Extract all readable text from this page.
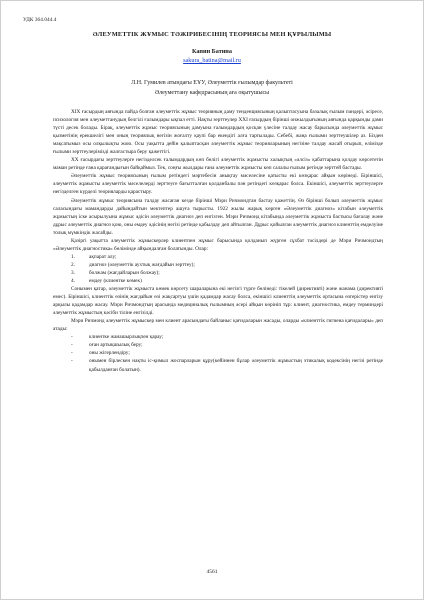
УДК 364.044.4
ӘЛЕУМЕТТІК ЖҰМЫС ТӘЖІРИБЕСІНІҢ ТЕОРИЯСЫ МЕН ҚҰРЫЛЫМЫ
Капин Батина
sakura_batina@mail.ru
Л.Н. Гумилев атындағы ЕҰУ, Әлеуметтік ғылымдар факультеті
Әлеуметтану кафедрасының аға оқытушысы

ХІХ ғасырдың аяғында пайда болған әлеуметтік жұмыс теорияның даму тенденциясының қалыптасуына базалық ғылым пәндері, әсіресе, психология мен әлеуметтанудың белгілі ғалымдары ықпал етті. Нақты зерттеулер ХХІ ғасырдың бірінші онжылдығының аяғында қарқынды дами түсті десек болады. Бірақ, әлеуметтік жұмыс теориясының дамуына ғалымдардың қосқан үлесіне талдау жасау барысында әлеуметтік жұмыс қызметінің ерекшелігі мен оның теориялық негізін жоғалту қаупі бар екендігі алға тартылады. Себебі, жаңа ғылыми зерттеушілер аз. Бізден мақсатымыз осы олқылықты жою. Осы уақытта дейін қалыптасқан әлеуметтік жұмыс теорияларының негізіне талдау жасай отырып, елімізде ғылыми зерттеулерімізді жалғастыра беру қажеттігі.

ХХ ғасырдағы зерттеулерге негізделсек ғалымдардың көп бөлігі әлеуметтік жұмысты халықтың «әлсіз» қабаттарына қолдау көрсететін маман ретінде ғана қарағандығын байқаймыз. Тек, соңғы жылдары ғана әлеуметтік жұмысты көп салалы ғылым ретінде зерттей бастады.

Әлеуметтік жұмыс теориясының ғылым ретіндегі мәртебесін анықтау мәселесіне қатысты екі көзқарас айқын көрінеді. Біріншісі, әлеуметтік жұмысты әлеуметтік мәселелерді зерттеуге бағытталған қолданбалы пән ретіндегі көзқарас болса. Екіншісі, әлеуметтік зерттеулерге негізделген күрделі теорияларды қарастыру.

Әлеуметтік жұмыс теориясына талдау жасаған кезде бірінші Мэри Ричмондтан бастау қажеттің. Өз бірінші болып әлеуметтік жұмыс саласындағы мамандарды дайындайтын мектептер ашуға тырысты. 1922 жылы жарық көрген «Әлеуметтік диагноз» кітабын әлеуметтік жұмыстың іске асырылуына жұмыс әдісін әлеуметтік диагноз деп енгізген. Мэри Ричмонд кітабында әлеуметтік жұмыста бастысы бағалау және дұрыс әлеуметтік диагноз қою, оны емдеу әдісінің негізі ретінде қабылдау деп айтылған. Дұрыс қойылған әлеуметтік диагноз клиенттің емделуіне толық мүмкіндік жасайды.

Қазіргі уақытта әлеуметтік жұмыскерлер клиентпен жұмыс барысында қолданып жүрген сұхбат тәсілдері де Мэри Ричмондтың «Әлеуметтік диагностика» бөлімінде айқындалған болатынды. Олар:

1.	ақпарат алу;
2.	диагноз (әлеуметтік аухтық жағдайын зерттеу);
3.	болжам (жағдайларын болжау);
4.	емдеу (клиентке көмек)

Сонымен қатар, әлеуметтік жұмыста көмек көрсету шараларына екі негізгі түрге бөлінеді: тікелей (директивті) және жанама (директивті емес). Біріншісі, клиенттік өзінің жағдайын өзі жақсартуы үшін қадамдар жасау болса, екіншісі клиенттің әлеуметтік ортасына өзгерістер енгізу арқылы қадамдар жасау. Мэри Ричмондтың арасында медициналық ғылымның әсері айқын көрініп тұр: клиент, диагностика, емдеу терминдері әлеуметтік жұмыстың кәсіби тіліне енгізілді.

Мэри Ричмонд әлеуметтік жұмыскер мен клиент арасындағы байланыс қағидаларын жасады, оларды «клиенттік гигиена қағидалары» деп атады:

-	клиентке жанашырлықпен қарау;
-	оған артықшылық беру;
-	оны жігерлендіру;
-	онымен бірлескен нақты іс-қимыл жоспарларын құру(кейіннен бұлар әлеуметтік жұмыстың этикалық кодексінің негізі ретінде қабылданған болатын).
4561
